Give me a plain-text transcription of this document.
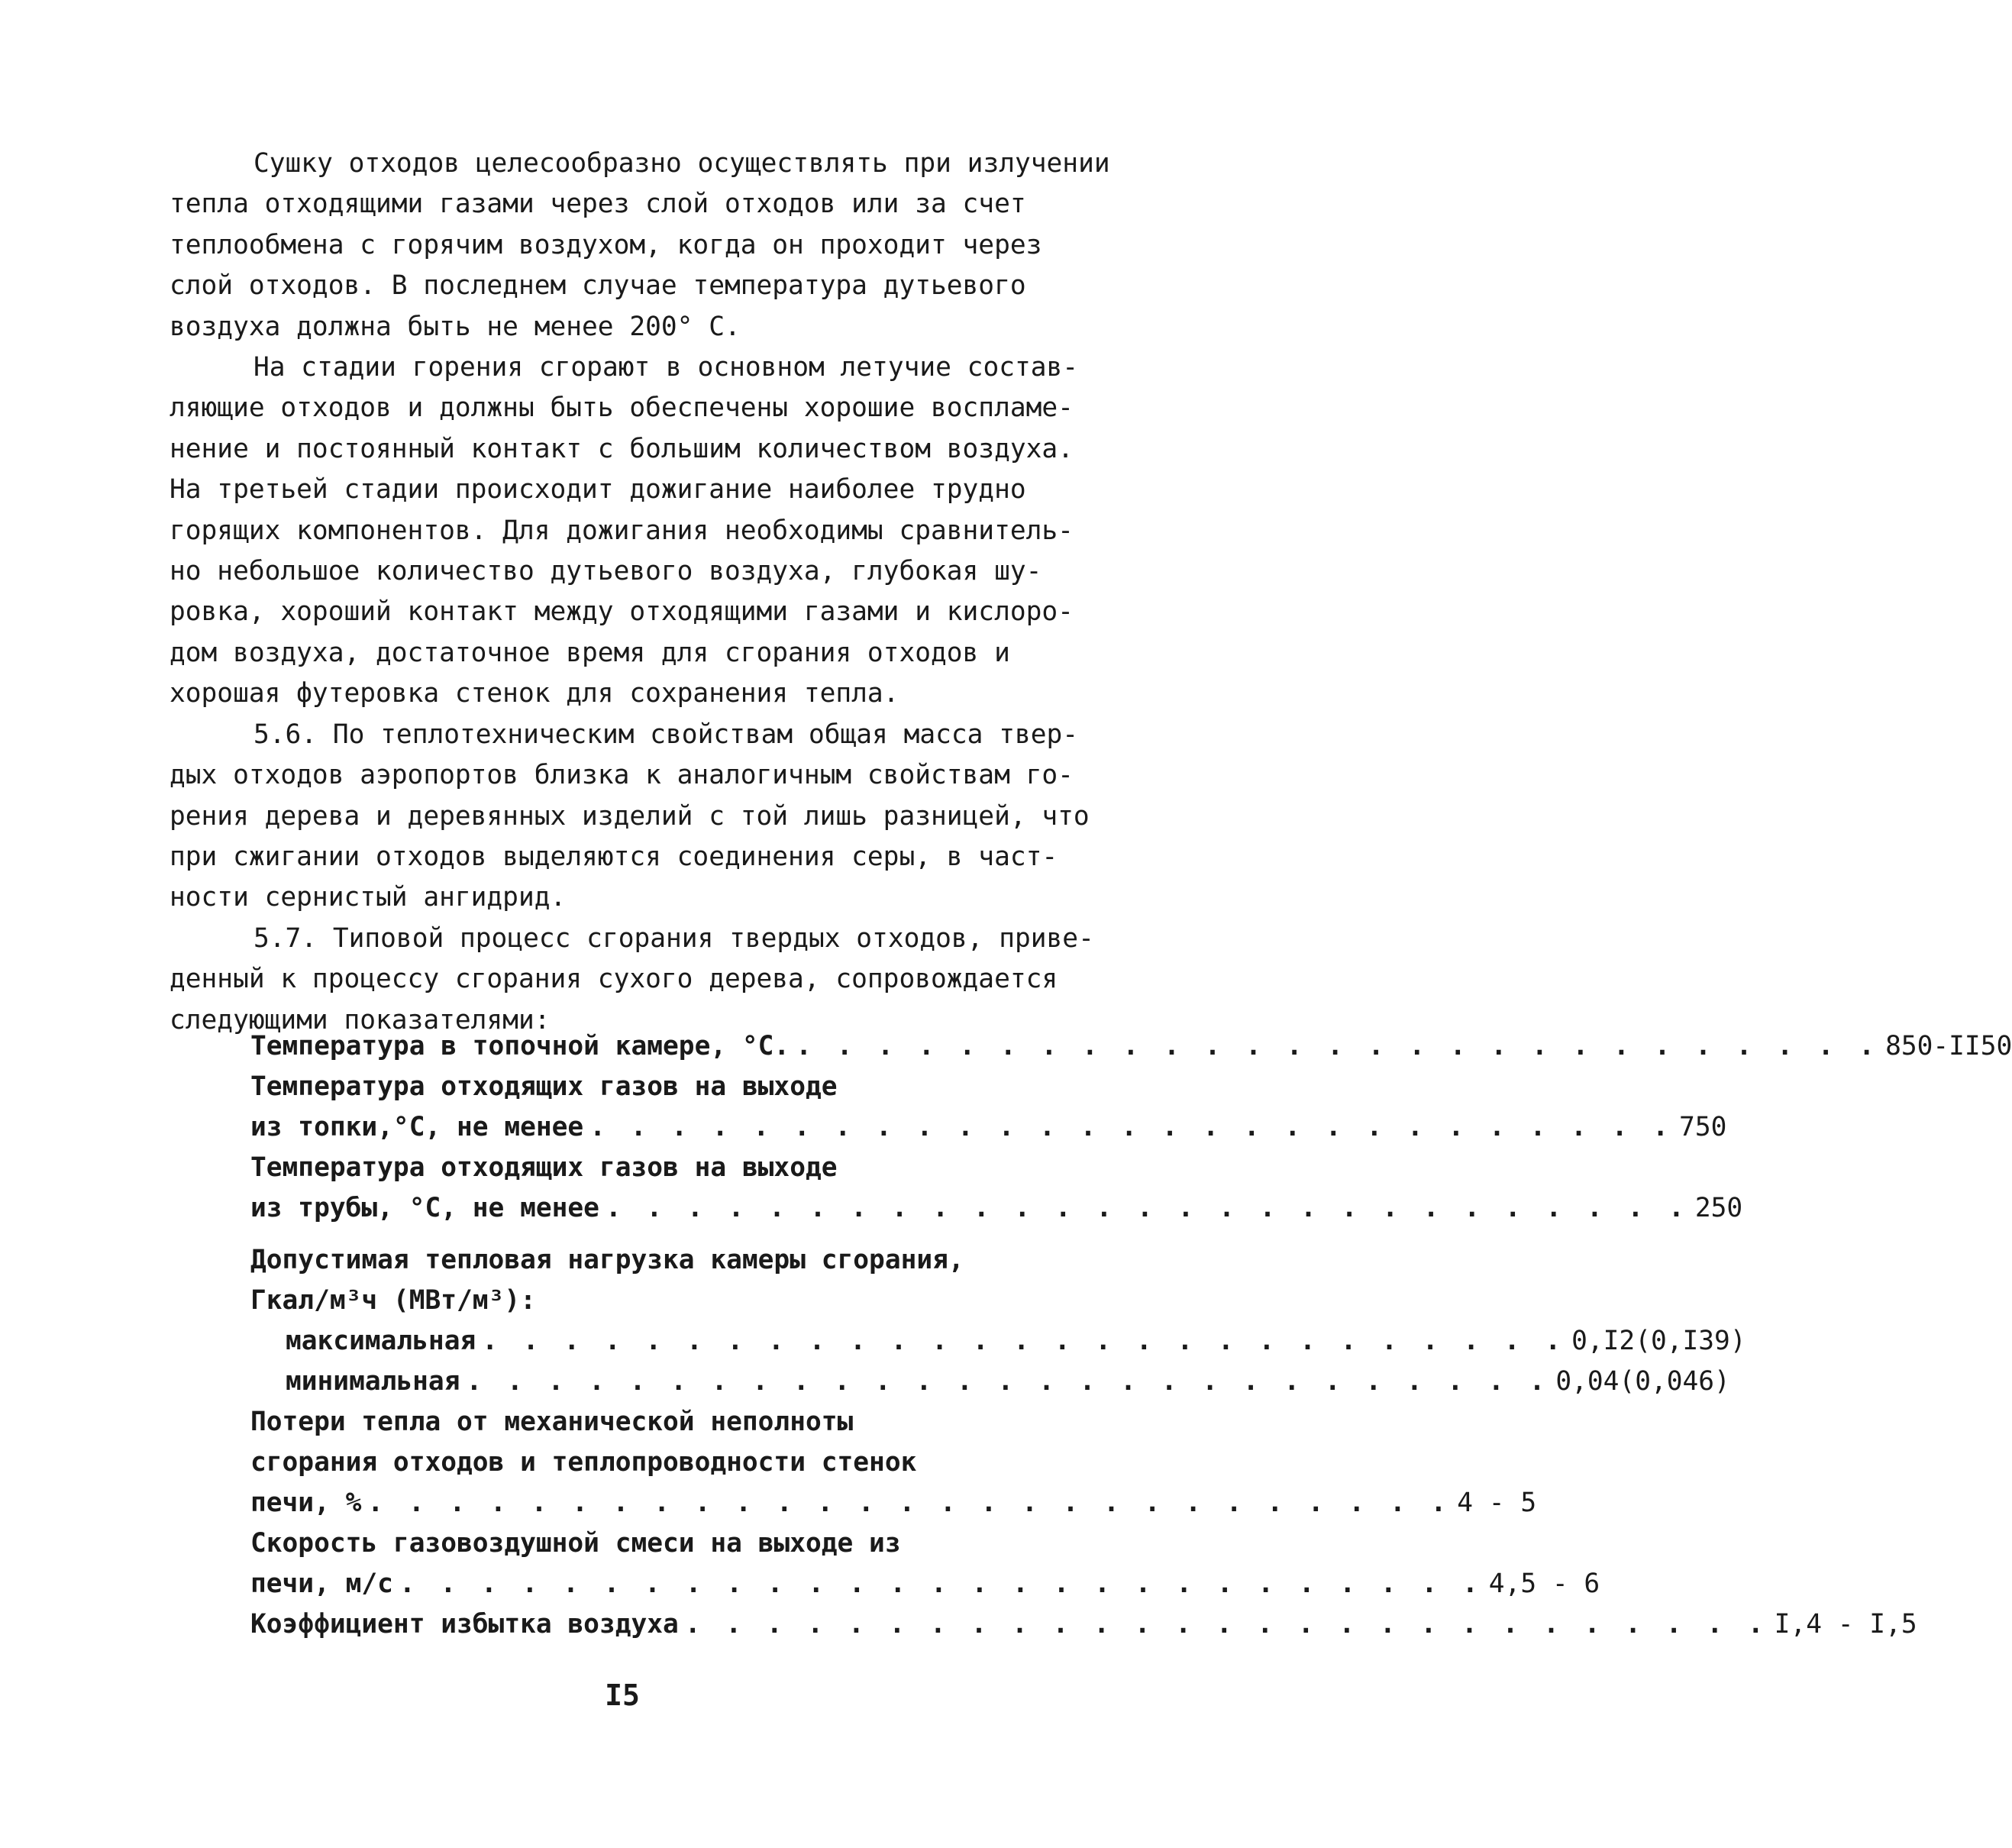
Сушку отходов целесообразно осуществлять при излучении
тепла отходящими газами через слой отходов или за счет
теплообмена с горячим воздухом, когда он проходит через
слой отходов. В последнем случае температура дутьевого
воздуха должна быть не менее 200° С.

На стадии горения сгорают в основном летучие состав-
ляющие отходов и должны быть обеспечены хорошие воспламе-
нение и постоянный контакт с большим количеством воздуха.
На третьей стадии происходит дожигание наиболее трудно
горящих компонентов. Для дожигания необходимы сравнитель-
но небольшое количество дутьевого воздуха, глубокая шу-
ровка, хороший контакт между отходящими газами и кислоро-
дом воздуха, достаточное время для сгорания отходов и
хорошая футеровка стенок для сохранения тепла.

5.6. По теплотехническим свойствам общая масса твер-
дых отходов аэропортов близка к аналогичным свойствам го-
рения дерева и деревянных изделий с той лишь разницей, что
при сжигании отходов выделяются соединения серы, в част-
ности сернистый ангидрид.

5.7. Типовой процесс сгорания твердых отходов, приве-
денный к процессу сгорания сухого дерева, сопровождается
следующими показателями:

Температура в топочной камере, °С. . . . . . . . . . . . . . . . . . . . . . . . . . . . 850-II50
Температура отходящих газов на выходе
из топки,°С, не менее . . . . . . . . . . . . . . . . . . . . . . . . . . . 750
Температура отходящих газов на выходе
из трубы, °С, не менее . . . . . . . . . . . . . . . . . . . . . . . . . . . 250
Допустимая тепловая нагрузка камеры сгорания,
Гкал/м³ч (МВт/м³):
максимальная . . . . . . . . . . . . . . . . . . . . . . . . . . . 0,I2(0,I39)
минимальная . . . . . . . . . . . . . . . . . . . . . . . . . . . 0,04(0,046)
Потери тепла от механической неполноты
сгорания отходов и теплопроводности стенок
печи, % . . . . . . . . . . . . . . . . . . . . . . . . . . . 4 - 5
Скорость газовоздушной смеси на выходе из
печи, м/с . . . . . . . . . . . . . . . . . . . . . . . . . . . 4,5 - 6
Коэффициент избытка воздуха . . . . . . . . . . . . . . . . . . . . . . . . . . . I,4 - I,5
I5
